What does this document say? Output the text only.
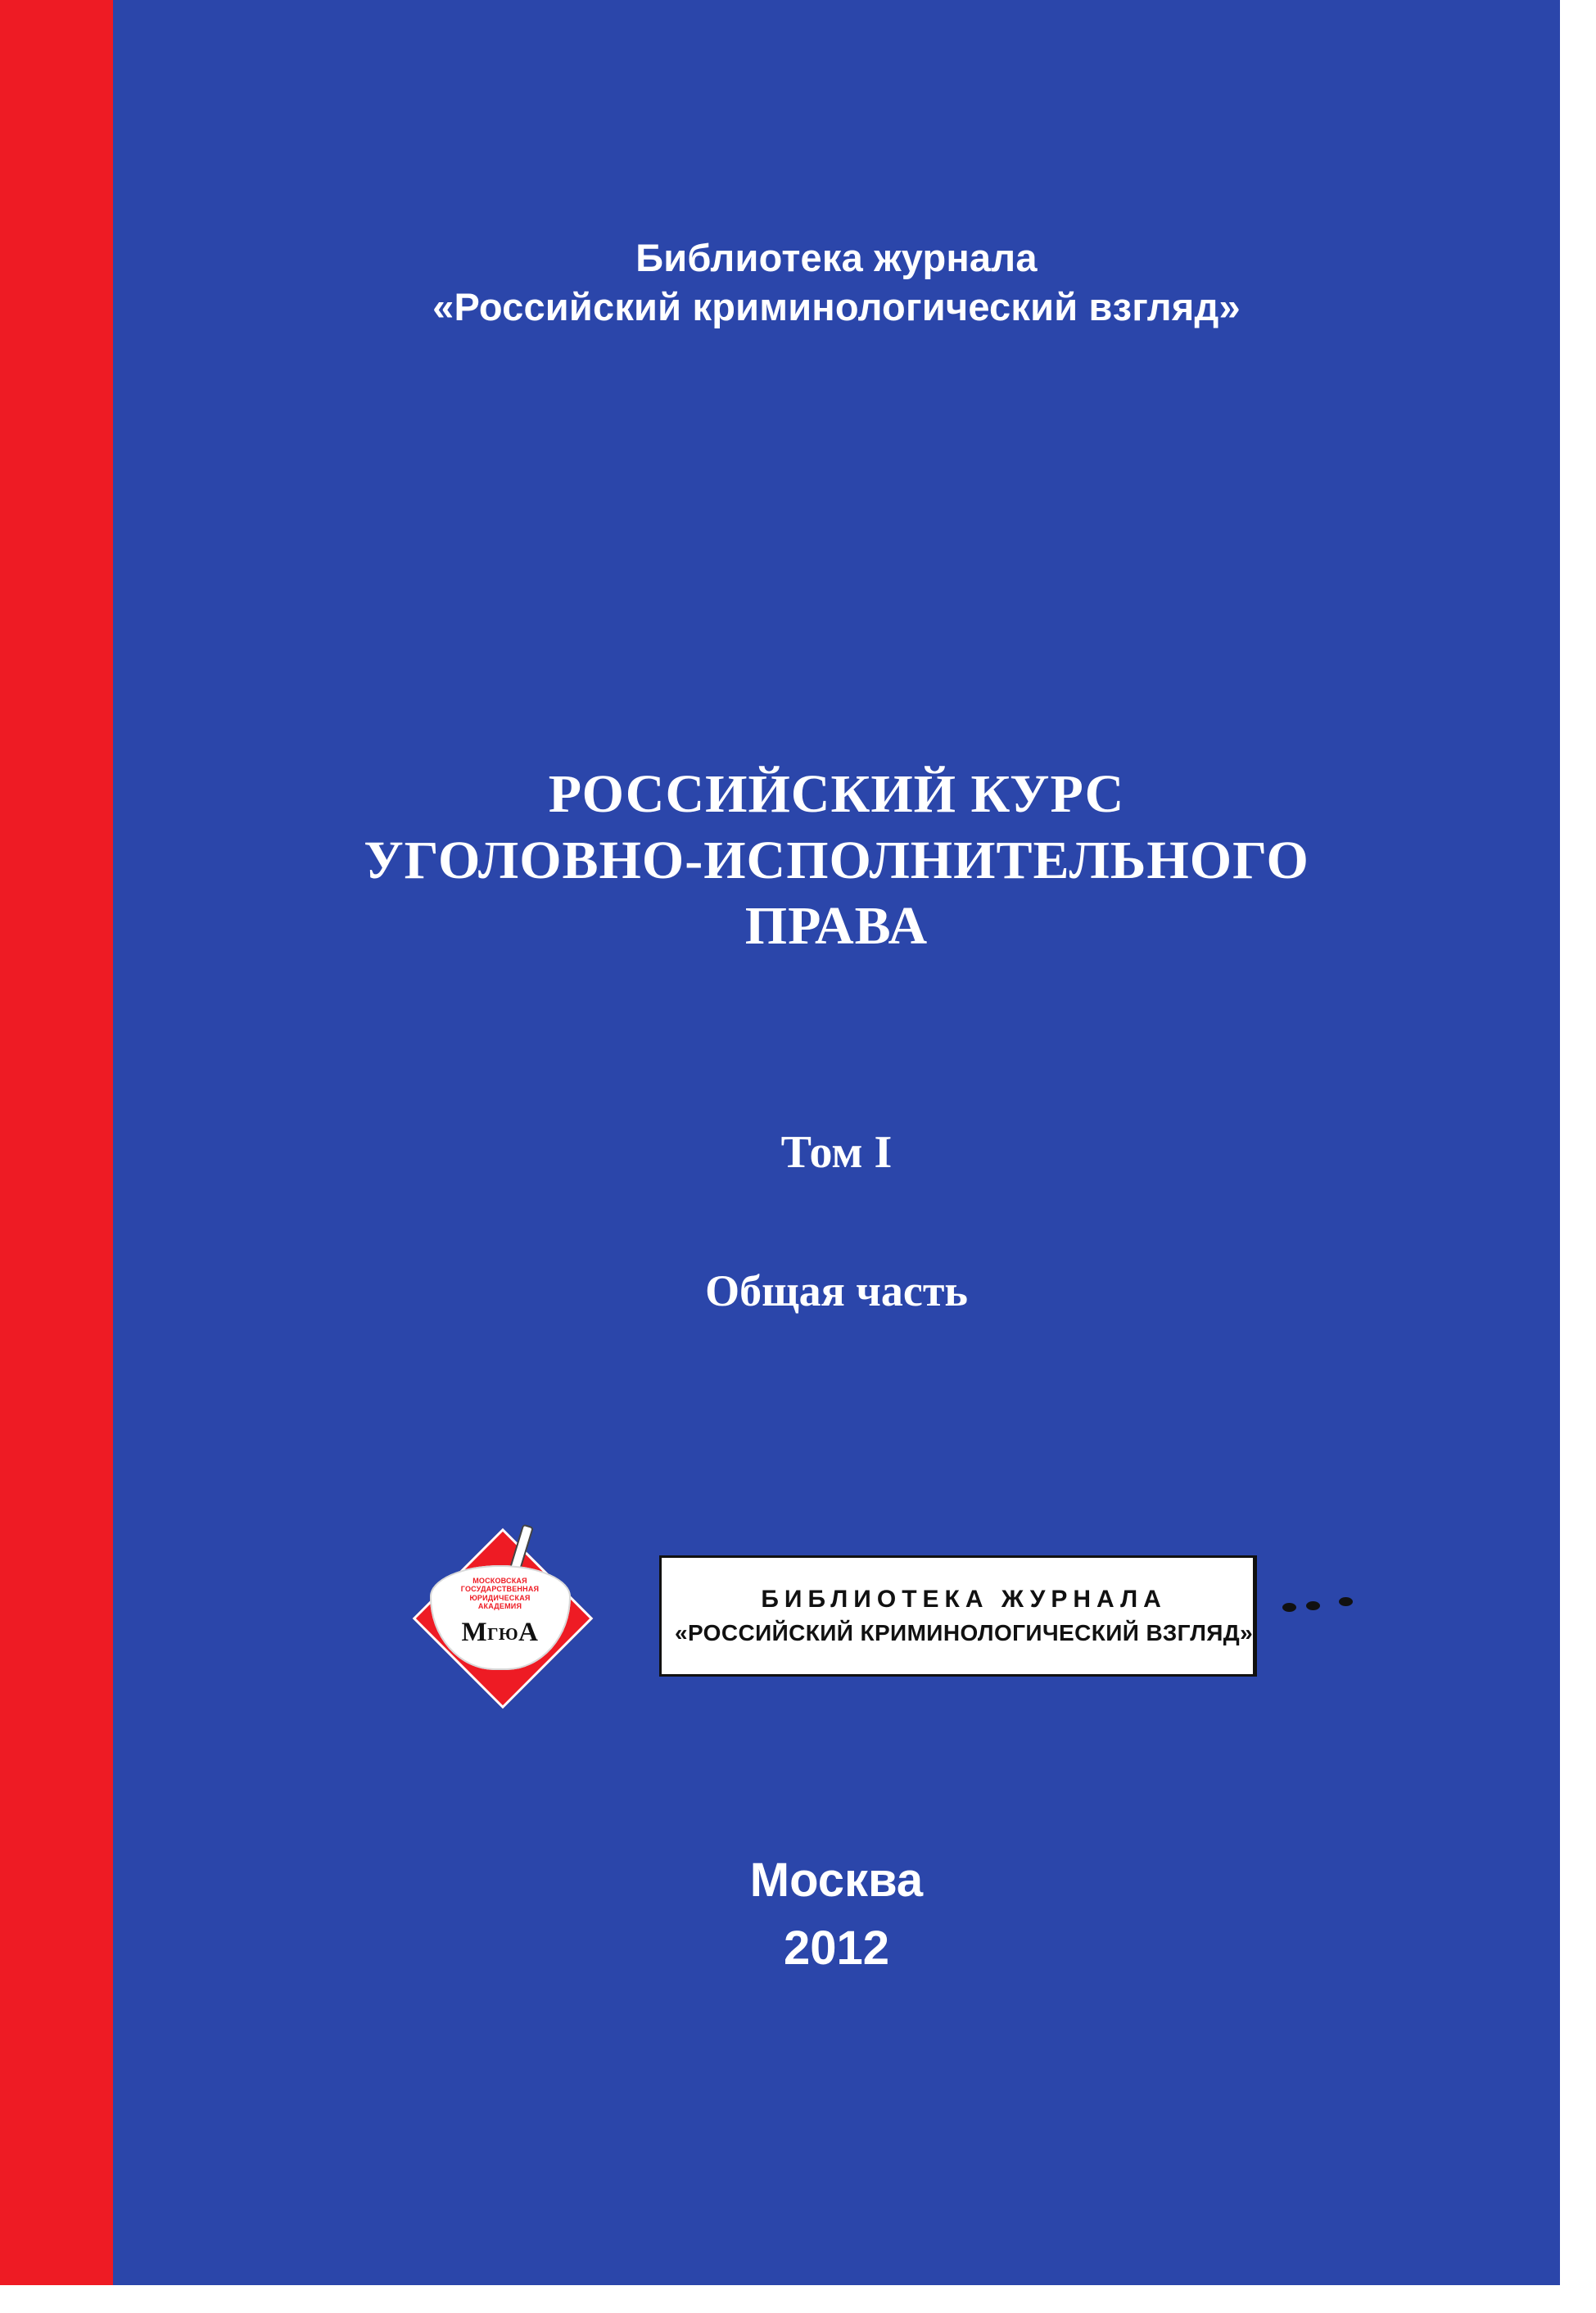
Библиотека журнала
«Российский криминологический взгляд»
РОССИЙСКИЙ КУРС
УГОЛОВНО-ИСПОЛНИТЕЛЬНОГО
ПРАВА
Том I
Общая часть
МОСКОВСКАЯ
ГОСУДАРСТВЕННАЯ
ЮРИДИЧЕСКАЯ
АКАДЕМИЯ
МГЮА
БИБЛИОТЕКА ЖУРНАЛА
«РОССИЙСКИЙ КРИМИНОЛОГИЧЕСКИЙ ВЗГЛЯД»
Москва
2012
